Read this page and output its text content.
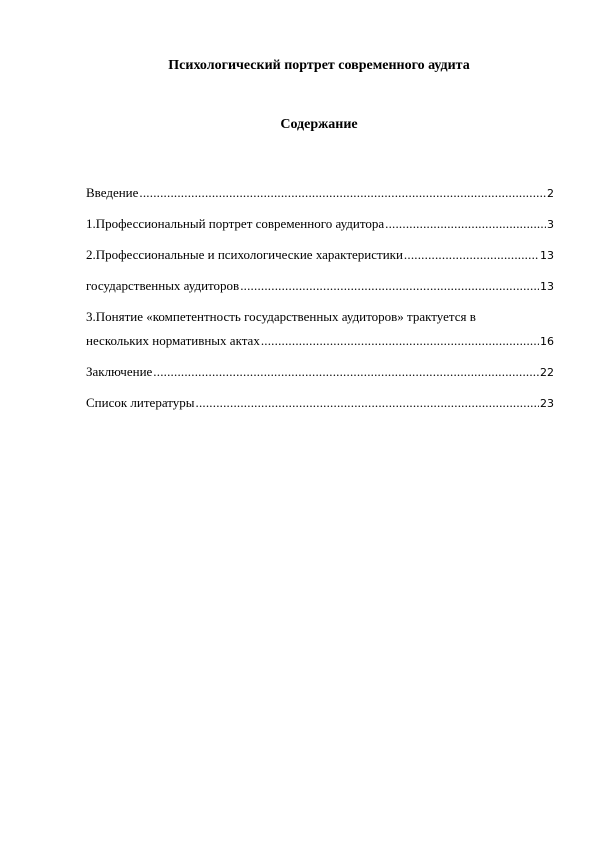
Психологический портрет современного аудита
Содержание
Введение .....	2
1.Профессиональный портрет современного аудитора .....	3
2.Профессиональные и психологические характеристики .....	13
государственных аудиторов .....	13
3.Понятие «компетентность государственных аудиторов» трактуется в
нескольких нормативных актах .....	16
Заключение .....	22
Список литературы .....	23
